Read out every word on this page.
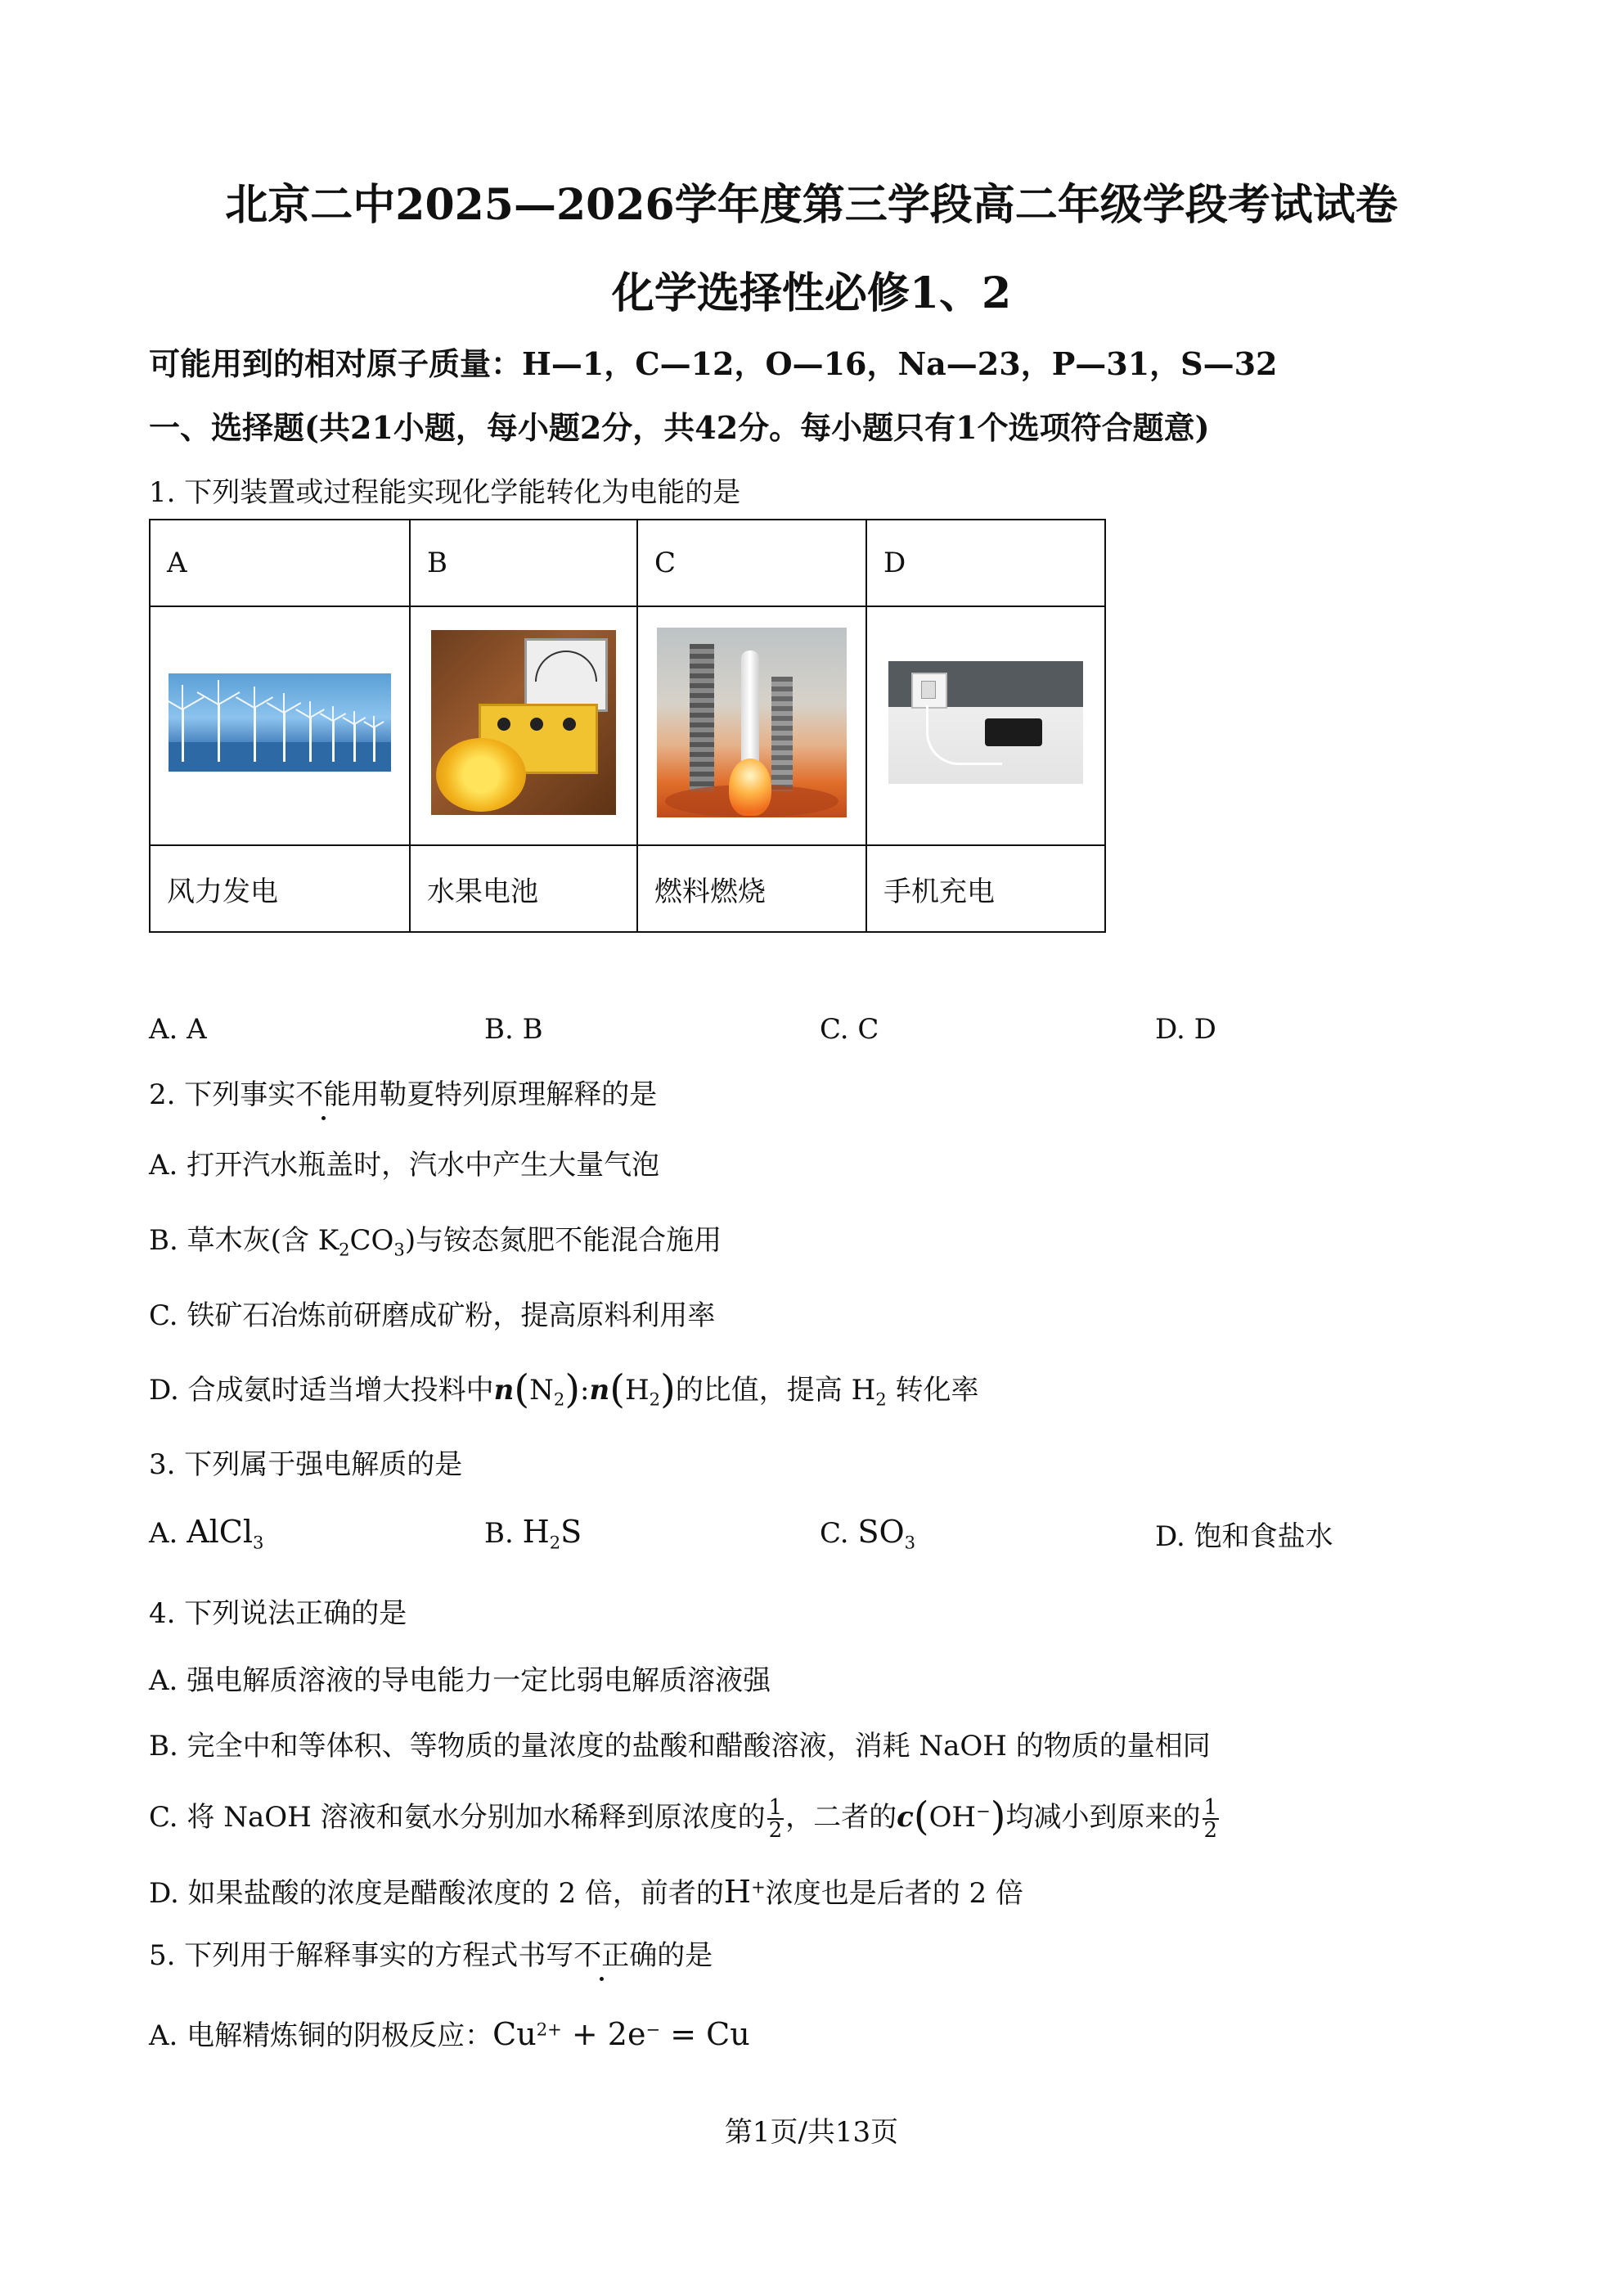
北京二中2025—2026学年度第三学段高二年级学段考试试卷
化学选择性必修1、2
可能用到的相对原子质量：H—1，C—12，O—16，Na—23，P—31，S—32
一、选择题(共21小题，每小题2分，共42分。每小题只有1个选项符合题意)
1. 下列装置或过程能实现化学能转化为电能的是
A	B	C	D

风力发电	水果电池	燃料燃烧	手机充电
A. A	B. B	C. C	D. D
2. 下列事实不能用勒夏特列原理解释的是
A. 打开汽水瓶盖时，汽水中产生大量气泡
B. 草木灰(含 $K_2CO_3$)与铵态氮肥不能混合施用
C. 铁矿石冶炼前研磨成矿粉，提高原料利用率
D. 合成氨时适当增大投料中$n(N_2):n(H_2)$的比值，提高 $H_2$ 转化率
3. 下列属于强电解质的是
A. AlCl$_3$	B. $H_2S$	C. $SO_3$	D. 饱和食盐水
4. 下列说法正确的是
A. 强电解质溶液的导电能力一定比弱电解质溶液强
B. 完全中和等体积、等物质的量浓度的盐酸和醋酸溶液，消耗 NaOH 的物质的量相同
C. 将 NaOH 溶液和氨水分别加水稀释到原浓度的 $\frac{1}{2}$ ，二者的c(OH−)均减小到原来的 $\frac{1}{2}$
D. 如果盐酸的浓度是醋酸浓度的 2 倍，前者的H+浓度也是后者的 2 倍
5. 下列用于解释事实的方程式书写不正确的是
A. 电解精炼铜的阴极反应：$Cu^{2+} + 2e^- = Cu$
第1页/共13页
